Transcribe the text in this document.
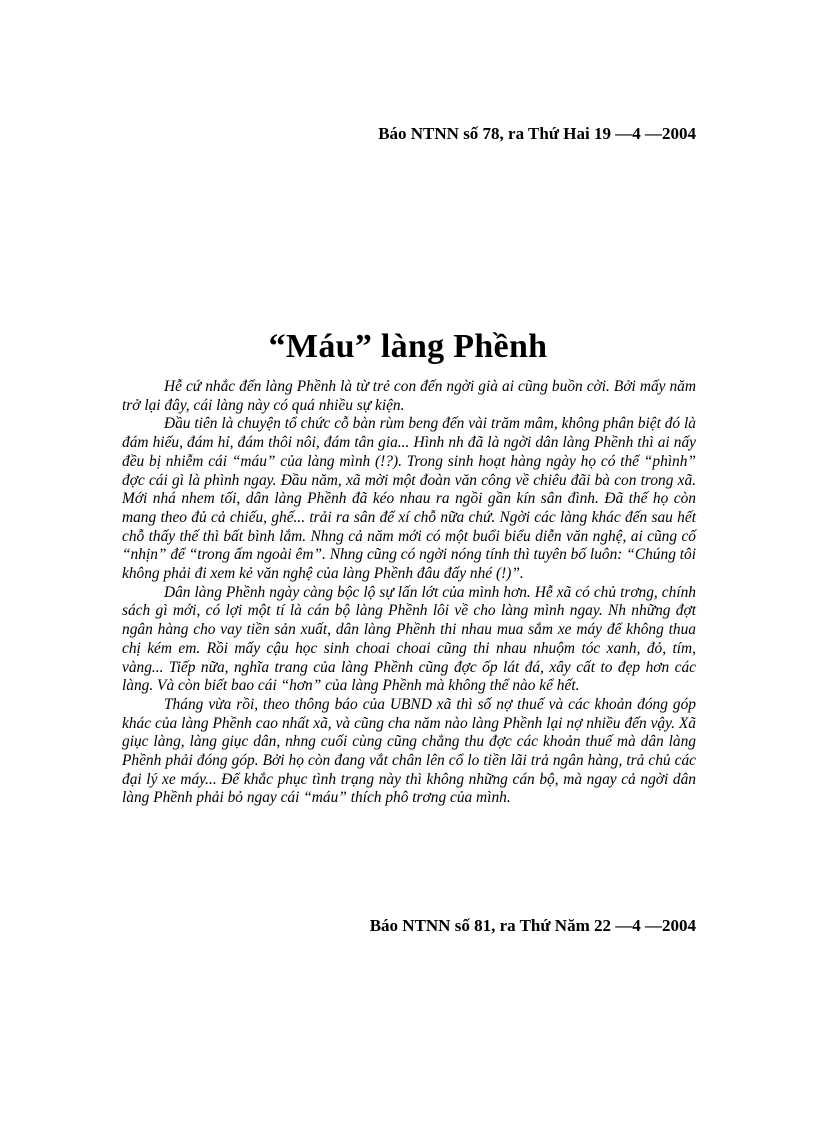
Báo NTNN số 78, ra Thứ Hai 19 —4 —2004
“Máu” làng Phềnh

Hễ cứ nhắc đến làng Phềnh là từ trẻ con đến ngời già ai cũng buồn cời. Bởi mấy năm trở lại đây, cái làng này có quá nhiều sự kiện.

Đầu tiên là chuyện tổ chức cỗ bàn rùm beng đến vài trăm mâm, không phân biệt đó là đám hiếu, đám hỉ, đám thôi nôi, đám tân gia... Hình nh đã là ngời dân làng Phềnh thì ai nấy đều bị nhiễm cái “máu” của làng mình (!?). Trong sinh hoạt hàng ngày họ có thể “phình” đợc cái gì là phình ngay. Đầu năm, xã mời một đoàn văn công về chiêu đãi bà con trong xã. Mới nhá nhem tối, dân làng Phềnh đã kéo nhau ra ngồi gần kín sân đình. Đã thế họ còn mang theo đủ cả chiếu, ghế... trải ra sân để xí chỗ nữa chứ. Ngời các làng khác đến sau hết chỗ thấy thế thì bất bình lắm. Nhng cả năm mới có một buổi biểu diễn văn nghệ, ai cũng cố “nhịn” để “trong ấm ngoài êm”. Nhng cũng có ngời nóng tính thì tuyên bố luôn: “Chúng tôi không phải đi xem kẻ văn nghệ của làng Phềnh đâu đấy nhé (!)”.

Dân làng Phềnh ngày càng bộc lộ sự lấn lớt của mình hơn. Hễ xã có chủ trơng, chính sách gì mới, có lợi một tí là cán bộ làng Phềnh lôi về cho làng mình ngay. Nh những đợt ngân hàng cho vay tiền sản xuất, dân làng Phềnh thi nhau mua sắm xe máy để không thua chị kém em. Rồi mấy cậu học sinh choai choai cũng thi nhau nhuộm tóc xanh, đỏ, tím, vàng... Tiếp nữa, nghĩa trang của làng Phềnh cũng đợc ốp lát đá, xây cất to đẹp hơn các làng. Và còn biết bao cái “hơn” của làng Phềnh mà không thể nào kể hết.

Tháng vừa rồi, theo thông báo của UBND xã thì số nợ thuế và các khoản đóng góp khác của làng Phềnh cao nhất xã, và cũng cha năm nào làng Phềnh lại nợ nhiều đến vậy. Xã giục làng, làng giục dân, nhng cuối cùng cũng chẳng thu đợc các khoản thuế mà dân làng Phềnh phải đóng góp. Bởi họ còn đang vắt chân lên cổ lo tiền lãi trả ngân hàng, trả chủ các đại lý xe máy... Để khắc phục tình trạng này thì không những cán bộ, mà ngay cả ngời dân làng Phềnh phải bỏ ngay cái “máu” thích phô trơng của mình.

Báo NTNN số 81, ra Thứ Năm 22 —4 —2004
